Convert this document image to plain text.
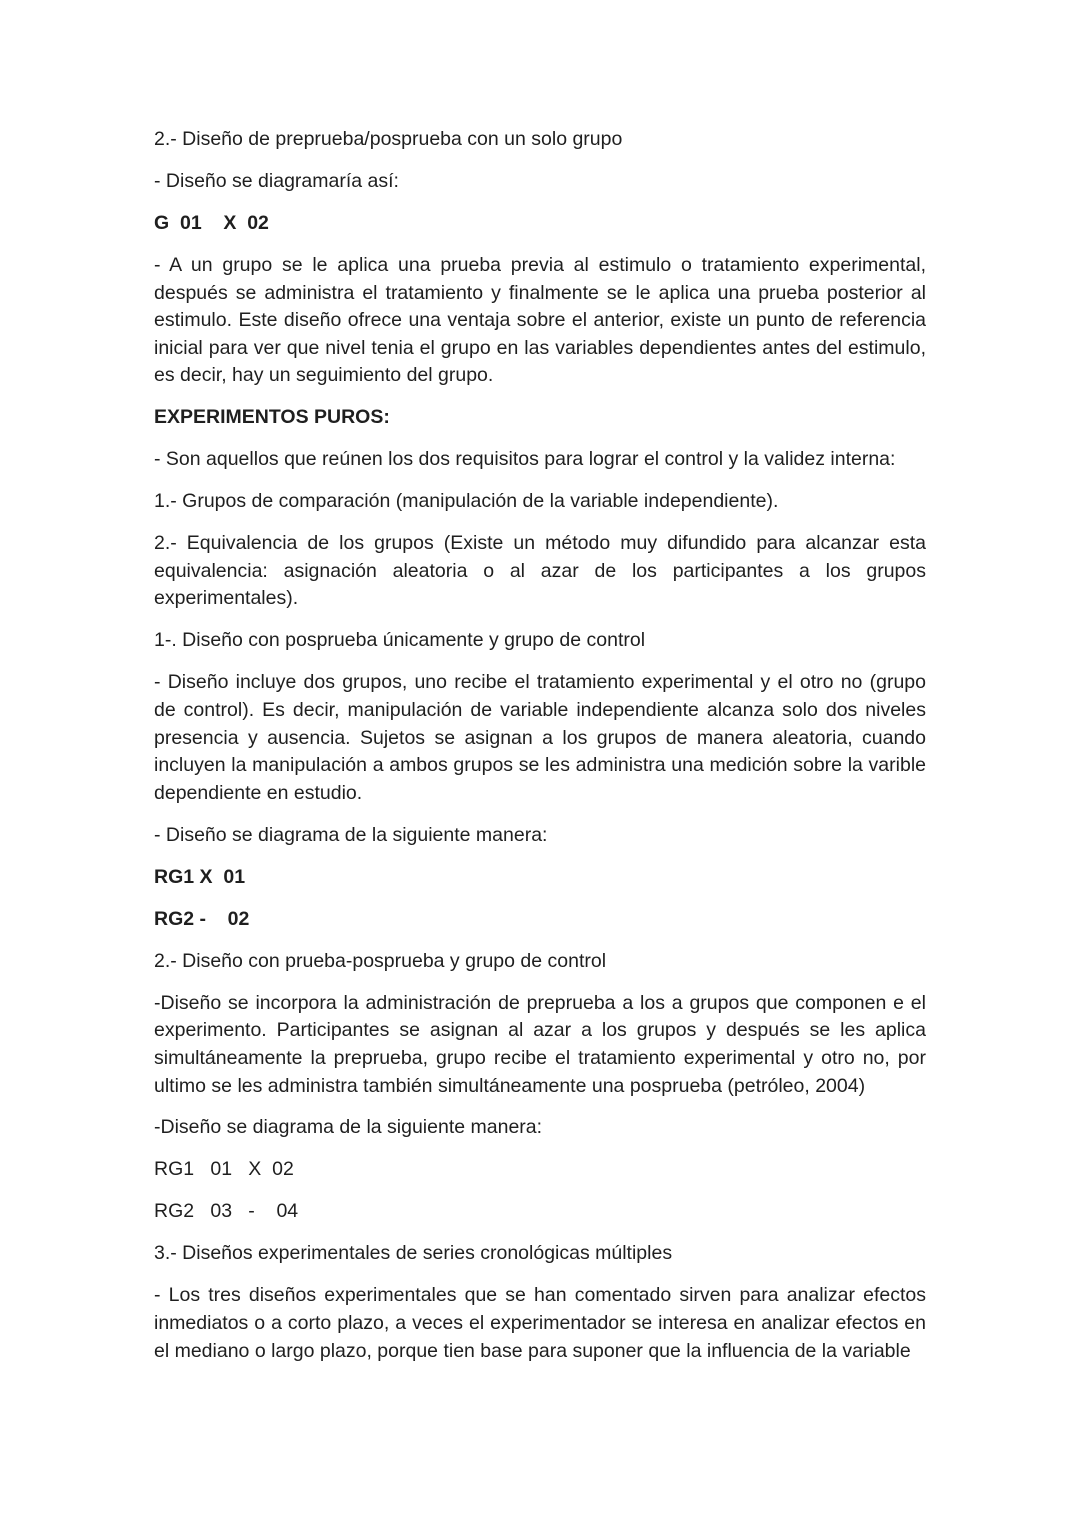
2.- Diseño de preprueba/posprueba con un solo grupo

- Diseño se diagramaría así:

G  01    X  02

- A un grupo se le aplica una prueba previa al estimulo o tratamiento experimental, después se administra el tratamiento y finalmente se le aplica una prueba posterior al estimulo. Este diseño ofrece una ventaja sobre el anterior, existe un punto de referencia inicial para ver que nivel tenia el grupo en las variables dependientes antes del estimulo, es decir, hay un seguimiento del grupo.

EXPERIMENTOS PUROS:

- Son aquellos que reúnen los dos requisitos para lograr el control y la validez interna:

1.- Grupos de comparación (manipulación de la variable independiente).

2.- Equivalencia de los grupos (Existe un método muy difundido para alcanzar esta equivalencia: asignación aleatoria o al azar de los participantes a los grupos experimentales).

1-. Diseño con posprueba únicamente y grupo de control

- Diseño incluye dos grupos, uno recibe el tratamiento experimental y el otro no (grupo de control). Es decir, manipulación de variable independiente alcanza solo dos niveles presencia y ausencia. Sujetos se asignan a los grupos de manera aleatoria, cuando incluyen la manipulación a ambos grupos se les administra una medición sobre la varible dependiente en estudio.

- Diseño se diagrama de la siguiente manera:

RG1 X  01

RG2 -    02

2.- Diseño con prueba-posprueba y grupo de control

-Diseño se incorpora la administración de preprueba a los a grupos que componen e el experimento. Participantes se asignan al azar a los grupos y después se les aplica simultáneamente la preprueba, grupo recibe el tratamiento experimental y otro no, por ultimo se les administra también simultáneamente una posprueba (petróleo, 2004)

-Diseño se diagrama de la siguiente manera:

RG1   01   X  02

RG2   03   -    04

3.- Diseños experimentales de series cronológicas múltiples

- Los tres diseños experimentales que se han comentado sirven para analizar efectos inmediatos o a corto plazo, a veces el experimentador se interesa en analizar efectos en el mediano o largo plazo, porque tien base para suponer que la influencia de la variable
